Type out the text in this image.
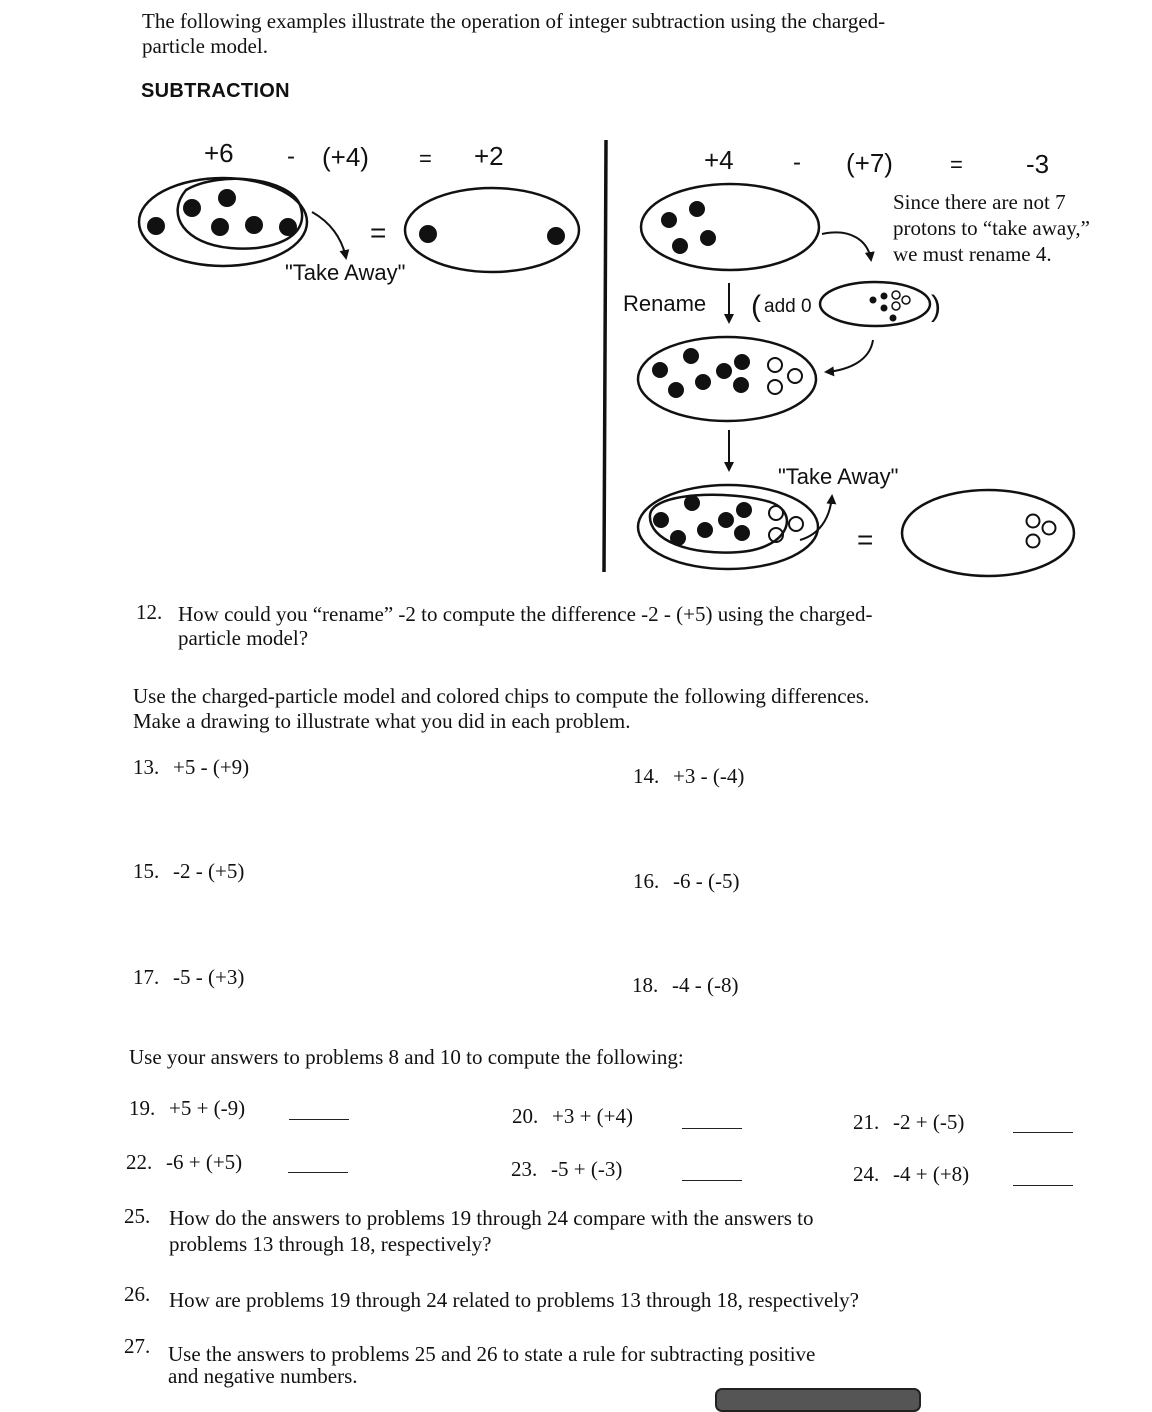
The following examples illustrate the operation of integer subtraction using the charged-
particle model.
SUBTRACTION
+6 - (+4) = +2
"Take Away"
=
+4 - (+7)	= -3
Rename ( add 0	)
"Take Away"
=
Since there are not 7
protons to “take away,”
we must rename 4.
12. How could you “rename” -2 to compute the difference -2 - (+5) using the charged-
particle model?
Use the charged-particle model and colored chips to compute the following differences.
Make a drawing to illustrate what you did in each problem.
13. +5 - (+9)	14. +3 - (-4)
15. -2 - (+5)	16. -6 - (-5)
17. -5 - (+3)	18. -4 - (-8)
Use your answers to problems 8 and 10 to compute the following:
19. +5 + (-9)	20. +3 + (+4)	21. -2 + (-5)
22. -6 + (+5)	23. -5 + (-3)	24. -4 + (+8)
25. How do the answers to problems 19 through 24 compare with the answers to
problems 13 through 18, respectively?
26. How are problems 19 through 24 related to problems 13 through 18, respectively?
27. Use the answers to problems 25 and 26 to state a rule for subtracting positive
and negative numbers.
